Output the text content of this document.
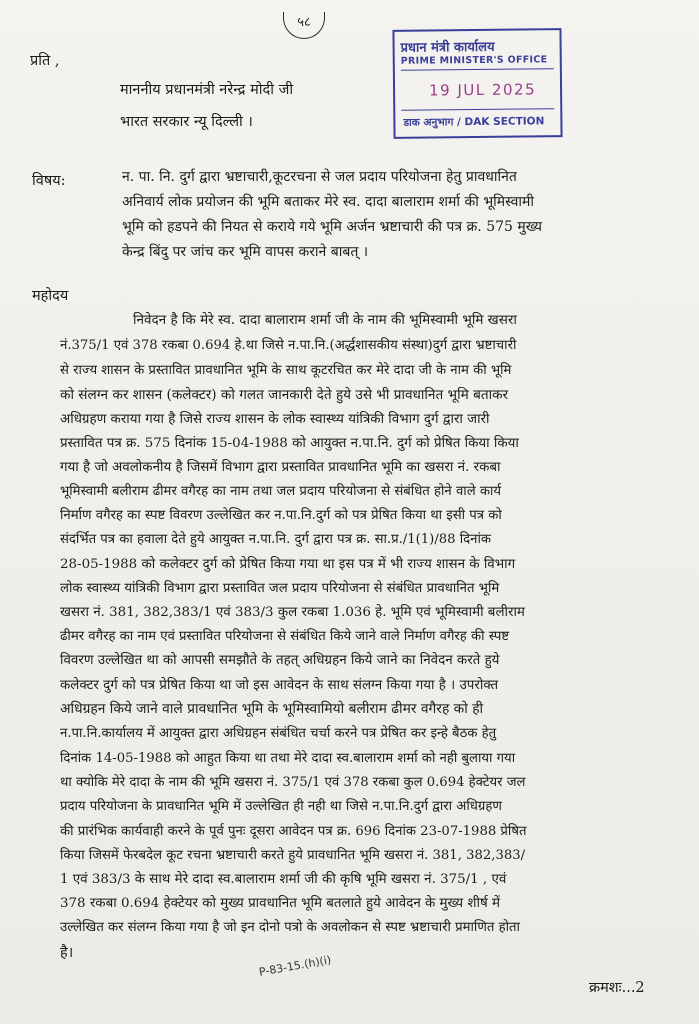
५८
प्रति ,
माननीय प्रधानमंत्री नरेन्द्र मोदी जी
भारत सरकार न्यू दिल्ली ।
प्रधान मंत्री कार्यालय
PRIME MINISTER'S OFFICE
19 JUL 2025
डाक अनुभाग / DAK SECTION
विषय:	न. पा. नि. दुर्ग द्वारा भ्रष्टाचारी,कूटरचना से जल प्रदाय परियोजना हेतु प्रावधानित
अनिवार्य लोक प्रयोजन की भूमि बताकर मेरे स्व. दादा बालाराम शर्मा की भूमिस्वामी
भूमि को हडपने की नियत से कराये गये भूमि अर्जन भ्रष्टाचारी की पत्र क्र. 575 मुख्य
केन्द्र बिंदु पर जांच कर भूमि वापस कराने बाबत् ।
महोदय
निवेदन है कि मेरे स्व. दादा बालाराम शर्मा जी के नाम की भूमिस्वामी भूमि खसरा
नं.375/1 एवं 378 रकबा 0.694 हे.था जिसे न.पा.नि.(अर्द्धशासकीय संस्था)दुर्ग द्वारा भ्रष्टाचारी
से राज्य शासन के प्रस्तावित प्रावधानित भूमि के साथ कूटरचित कर मेरे दादा जी के नाम की भूमि
को संलग्न कर शासन (कलेक्टर) को गलत जानकारी देते हुये उसे भी प्रावधानित भूमि बताकर
अधिग्रहण कराया गया है जिसे राज्य शासन के लोक स्वास्थ्य यांत्रिकी विभाग दुर्ग द्वारा जारी
प्रस्तावित पत्र क्र. 575 दिनांक 15-04-1988 को आयुक्त न.पा.नि. दुर्ग को प्रेषित किया किया
गया है जो अवलोकनीय है जिसमें विभाग द्वारा प्रस्तावित प्रावधानित भूमि का खसरा नं. रकबा
भूमिस्वामी बलीराम ढीमर वगैरह का नाम तथा जल प्रदाय परियोजना से संबंधित होने वाले कार्य
निर्माण वगैरह का स्पष्ट विवरण उल्लेखित कर न.पा.नि.दुर्ग को पत्र प्रेषित किया था इसी पत्र को
संदर्भित पत्र का हवाला देते हुये आयुक्त न.पा.नि. दुर्ग द्वारा पत्र क्र. सा.प्र./1(1)/88 दिनांक
28-05-1988 को कलेक्टर दुर्ग को प्रेषित किया गया था इस पत्र में भी राज्य शासन के विभाग
लोक स्वास्थ्य यांत्रिकी विभाग द्वारा प्रस्तावित जल प्रदाय परियोजना से संबंधित प्रावधानित भूमि
खसरा नं. 381, 382,383/1 एवं 383/3 कुल रकबा 1.036 हे. भूमि एवं भूमिस्वामी बलीराम
ढीमर वगैरह का नाम एवं प्रस्तावित परियोजना से संबंधित किये जाने वाले निर्माण वगैरह की स्पष्ट
विवरण उल्लेखित था को आपसी समझौते के तहत् अधिग्रहन किये जाने का निवेदन करते हुये
कलेक्टर दुर्ग को पत्र प्रेषित किया था जो इस आवेदन के साथ संलग्न किया गया है । उपरोक्त
अधिग्रहन किये जाने वाले प्रावधानित भूमि के भूमिस्वामियो बलीराम ढीमर वगैरह को ही
न.पा.नि.कार्यालय में आयुक्त द्वारा अधिग्रहन संबंधित चर्चा करने पत्र प्रेषित कर इन्हे बैठक हेतु
दिनांक 14-05-1988 को आहुत किया था तथा मेरे दादा स्व.बालाराम शर्मा को नही बुलाया गया
था क्योकि मेरे दादा के नाम की भूमि खसरा नं. 375/1 एवं 378 रकबा कुल 0.694 हेक्टेयर जल
प्रदाय परियोजना के प्रावधानित भूमि में उल्लेखित ही नही था जिसे न.पा.नि.दुर्ग द्वारा अधिग्रहण
की प्रारंभिक कार्यवाही करने के पूर्व पुनः दूसरा आवेदन पत्र क्र. 696 दिनांक 23-07-1988 प्रेषित
किया जिसमें फेरबदेल कूट रचना भ्रष्टाचारी करते हुये प्रावधानित भूमि खसरा नं. 381, 382,383/
1 एवं 383/3 के साथ मेरे दादा स्व.बालाराम शर्मा जी की कृषि भूमि खसरा नं. 375/1 , एवं
378 रकबा 0.694 हेक्टेयर को मुख्य प्रावधानित भूमि बतलाते हुये आवेदन के मुख्य शीर्ष में
उल्लेखित कर संलग्न किया गया है जो इन दोनो पत्रो के अवलोकन से स्पष्ट भ्रष्टाचारी प्रमाणित होता
है।
P-83-15.(h)(i)
क्रमशः...2
